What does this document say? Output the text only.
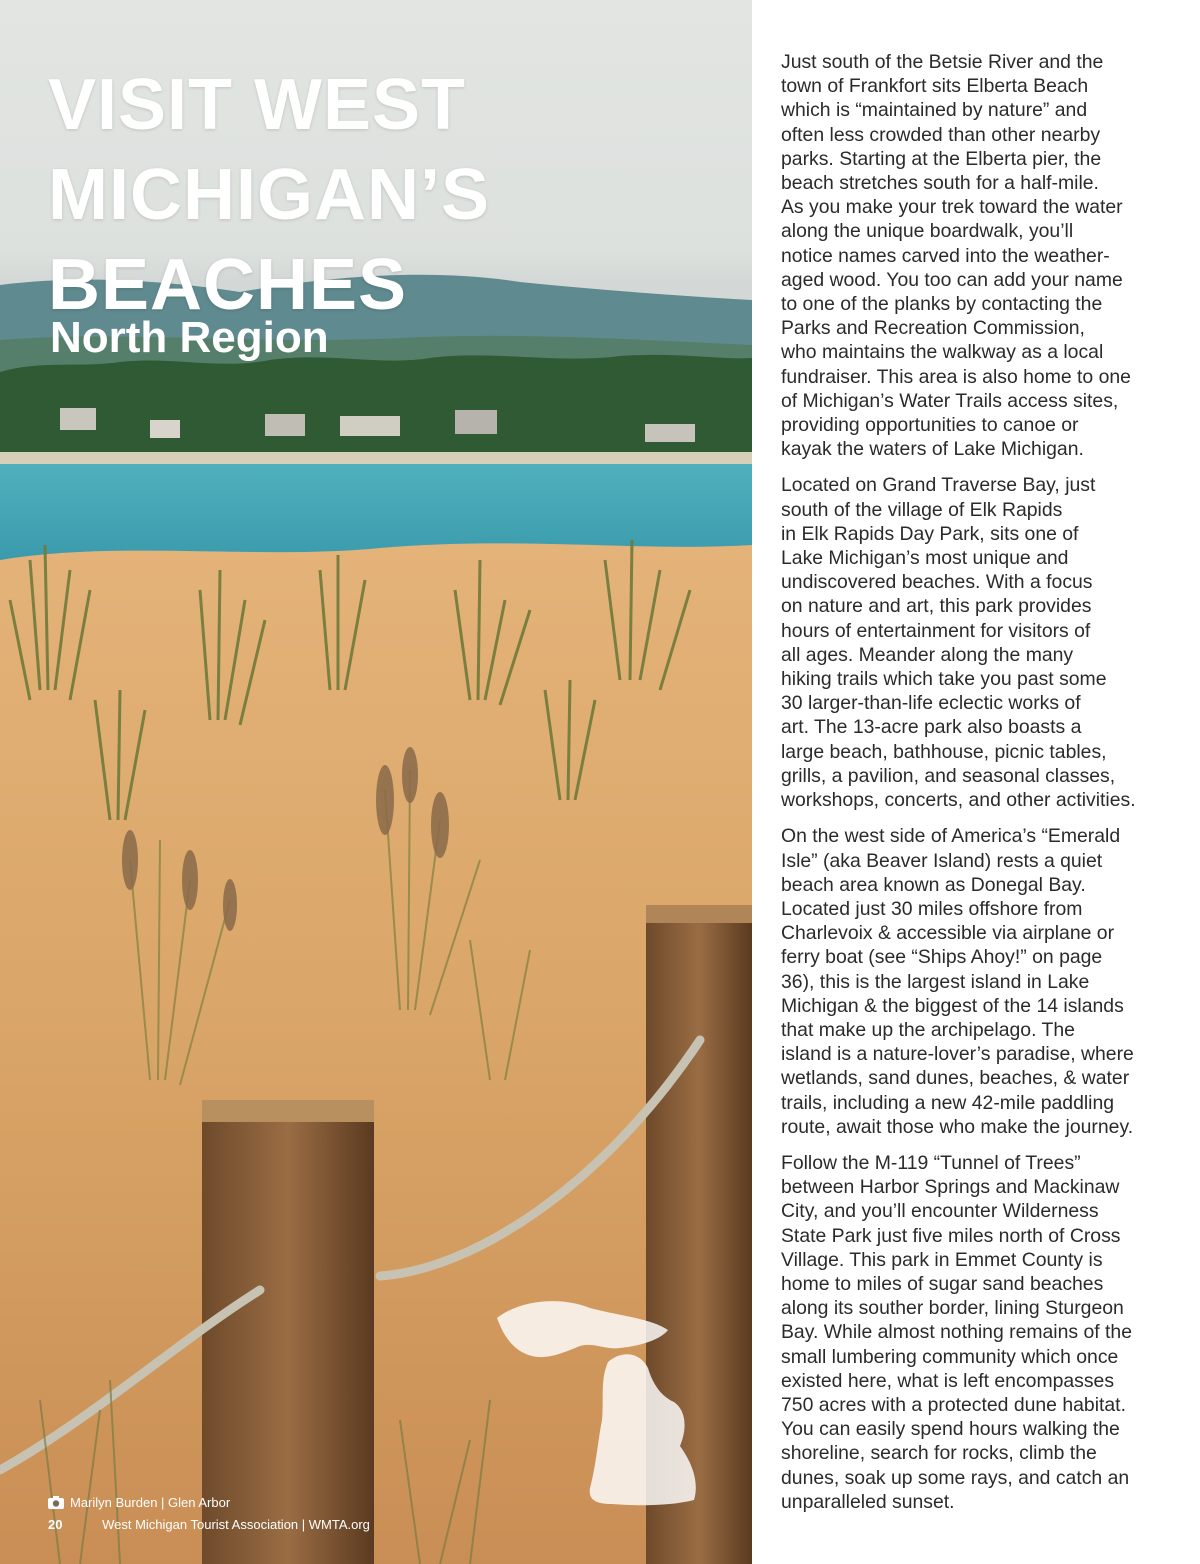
VISIT WEST
MICHIGAN’S
BEACHES
North Region
Marilyn Burden | Glen Arbor
20	West Michigan Tourist Association | WMTA.org

Just south of the Betsie River and the
town of Frankfort sits Elberta Beach
which is “maintained by nature” and
often less crowded than other nearby
parks. Starting at the Elberta pier, the
beach stretches south for a half-mile.
As you make your trek toward the water
along the unique boardwalk, you’ll
notice names carved into the weather-
aged wood. You too can add your name
to one of the planks by contacting the
Parks and Recreation Commission,
who maintains the walkway as a local
fundraiser. This area is also home to one
of Michigan’s Water Trails access sites,
providing opportunities to canoe or
kayak the waters of Lake Michigan.

Located on Grand Traverse Bay, just
south of the village of Elk Rapids
in Elk Rapids Day Park, sits one of
Lake Michigan’s most unique and
undiscovered beaches. With a focus
on nature and art, this park provides
hours of entertainment for visitors of
all ages. Meander along the many
hiking trails which take you past some
30 larger-than-life eclectic works of
art. The 13-acre park also boasts a
large beach, bathhouse, picnic tables,
grills, a pavilion, and seasonal classes,
workshops, concerts, and other activities.

On the west side of America’s “Emerald
Isle” (aka Beaver Island) rests a quiet
beach area known as Donegal Bay.
Located just 30 miles offshore from
Charlevoix & accessible via airplane or
ferry boat (see “Ships Ahoy!” on page
36), this is the largest island in Lake
Michigan & the biggest of the 14 islands
that make up the archipelago. The
island is a nature-lover’s paradise, where
wetlands, sand dunes, beaches, & water
trails, including a new 42-mile paddling
route, await those who make the journey.

Follow the M-119 “Tunnel of Trees”
between Harbor Springs and Mackinaw
City, and you’ll encounter Wilderness
State Park just five miles north of Cross
Village. This park in Emmet County is
home to miles of sugar sand beaches
along its souther border, lining Sturgeon
Bay. While almost nothing remains of the
small lumbering community which once
existed here, what is left encompasses
750 acres with a protected dune habitat.
You can easily spend hours walking the
shoreline, search for rocks, climb the
dunes, soak up some rays, and catch an
unparalleled sunset.
